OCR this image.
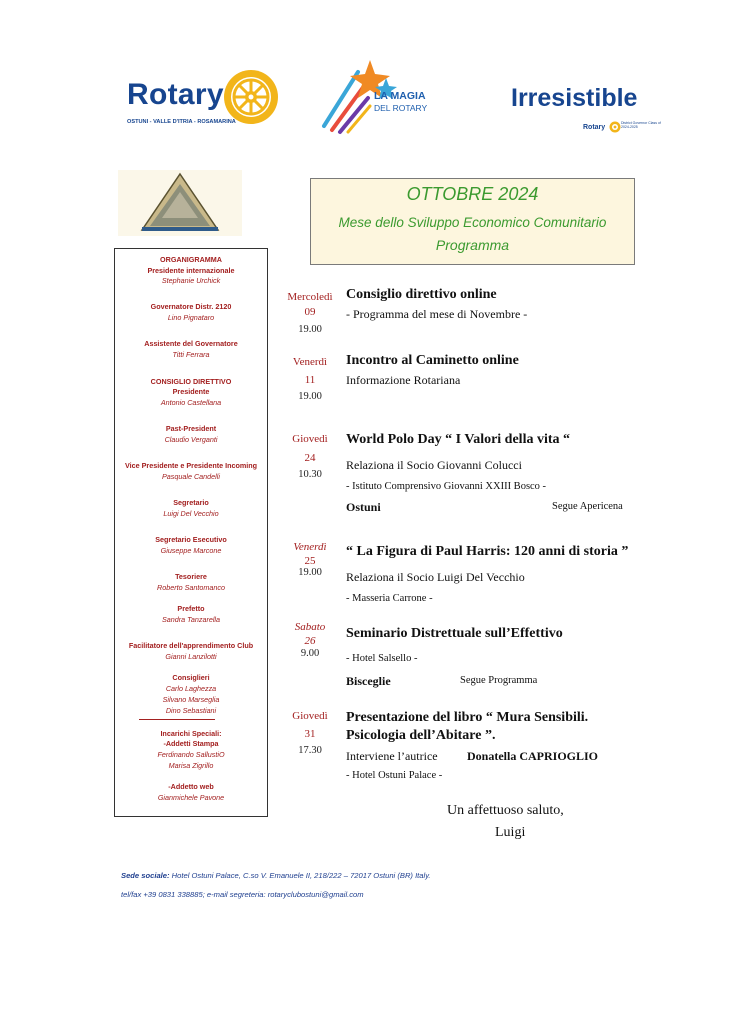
Rotary
OSTUNI - VALLE D'ITRIA - ROSAMARINA
LA MAGIA
DEL ROTARY	Irresistible
Rotary
District Governor Class of 2024-2025
OTTOBRE 2024
Mese dello Sviluppo Economico Comunitario
Programma
ORGANIGRAMMA
Presidente internazionale
Stephanie Urchick
Governatore Distr. 2120
Lino Pignataro
Assistente del Governatore
Titti Ferrara
CONSIGLIO DIRETTIVO
Presidente
Antonio Castellana
Past-President
Claudio Verganti
Vice Presidente e Presidente Incoming
Pasquale Candelli
Segretario
Luigi Del Vecchio
Segretario Esecutivo
Giuseppe Marcone
Tesoriere
Roberto Santomanco
Prefetto
Sandra Tanzarella
Facilitatore dell'apprendimento Club
Gianni Lanzilotti
Consiglieri
Carlo Laghezza
Silvano Marseglia
Dino Sebastiani
Incarichi Speciali:
-Addetti Stampa
Ferdinando SallustiO
Marisa Zigrillo
-Addetto web
Gianmichele Pavone
Mercoledì
09
19.00
Consiglio direttivo online
- Programma del mese di Novembre -
Venerdì
11
19.00
Incontro al Caminetto online
Informazione Rotariana
Giovedì
24
10.30
World Polo Day “ I Valori della vita “
Relaziona il Socio Giovanni Colucci
- Istituto Comprensivo Giovanni XXIII Bosco -
Ostuni	Segue Apericena
Venerdì
25
19.00
“ La Figura di Paul Harris: 120 anni di storia ”
Relaziona il Socio Luigi Del Vecchio
- Masseria Carrone -
Sabato
26
9.00
Seminario Distrettuale sull’Effettivo
- Hotel Salsello -
Bisceglie	Segue Programma
Giovedì
31
17.30
Presentazione del libro “ Mura Sensibili.
Psicologia dell’Abitare ”.
Interviene l’autrice Donatella CAPRIOGLIO
- Hotel Ostuni Palace -
Un affettuoso saluto,
Luigi
Sede sociale: Hotel Ostuni Palace, C.so V. Emanuele II, 218/222 – 72017 Ostuni (BR) Italy.
tel/fax +39 0831 338885; e-mail segreteria: rotaryclubostuni@gmail.com
